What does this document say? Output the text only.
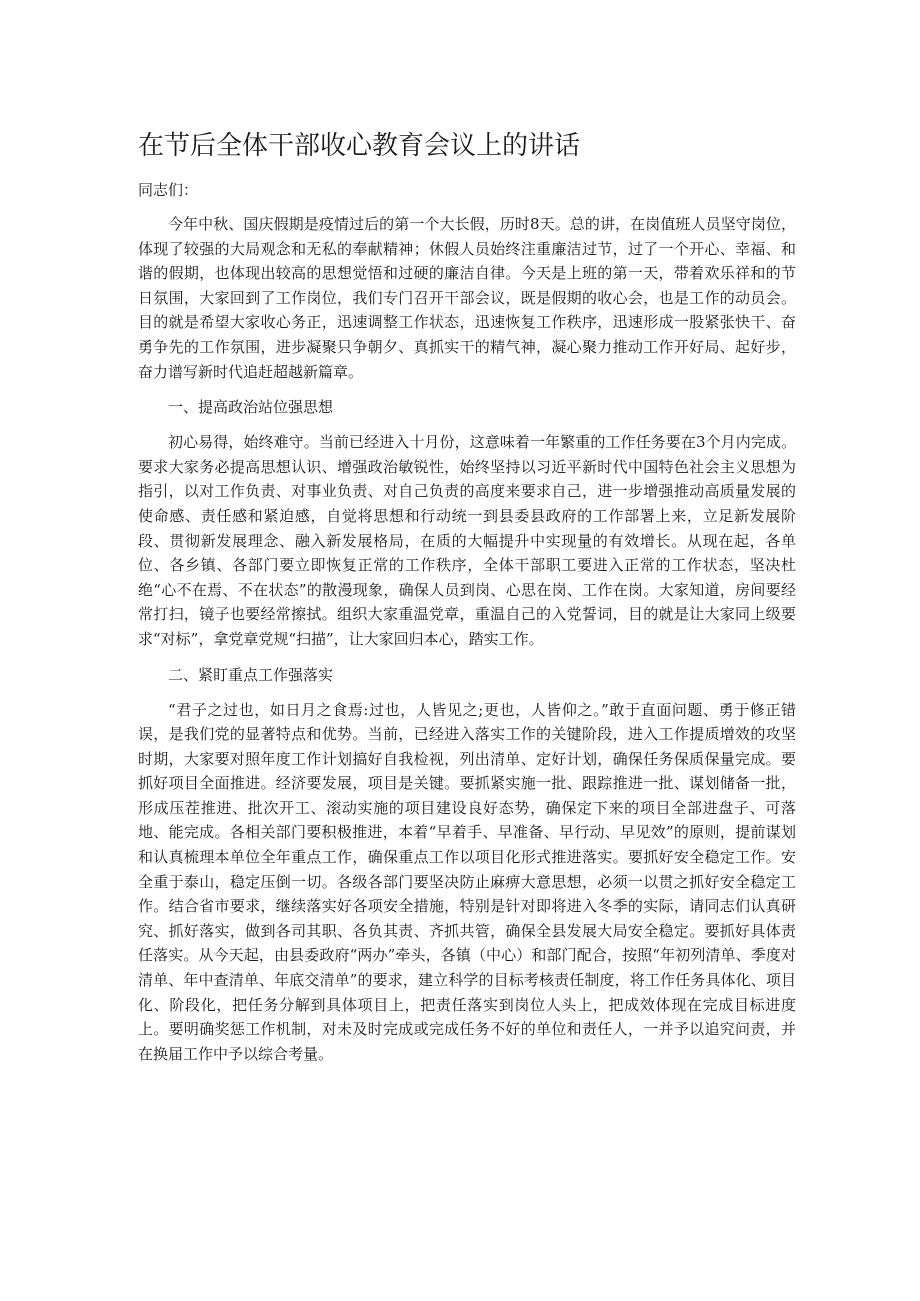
在节后全体干部收心教育会议上的讲话

同志们：

今年中秋、国庆假期是疫情过后的第一个大长假，历时8天。总的讲，在岗值班人员坚守岗位，体现了较强的大局观念和无私的奉献精神；休假人员始终注重廉洁过节，过了一个开心、幸福、和谐的假期，也体现出较高的思想觉悟和过硬的廉洁自律。今天是上班的第一天，带着欢乐祥和的节日氛围，大家回到了工作岗位，我们专门召开干部会议，既是假期的收心会，也是工作的动员会。目的就是希望大家收心务正，迅速调整工作状态，迅速恢复工作秩序，迅速形成一股紧张快干、奋勇争先的工作氛围，进步凝聚只争朝夕、真抓实干的精气神，凝心聚力推动工作开好局、起好步，奋力谱写新时代追赶超越新篇章。

一、提高政治站位强思想

初心易得，始终难守。当前已经进入十月份，这意味着一年繁重的工作任务要在3个月内完成。要求大家务必提高思想认识、增强政治敏锐性，始终坚持以习近平新时代中国特色社会主义思想为指引，以对工作负责、对事业负责、对自己负责的高度来要求自己，进一步增强推动高质量发展的使命感、责任感和紧迫感，自觉将思想和行动统一到县委县政府的工作部署上来，立足新发展阶段、贯彻新发展理念、融入新发展格局，在质的大幅提升中实现量的有效增长。从现在起，各单位、各乡镇、各部门要立即恢复正常的工作秩序，全体干部职工要进入正常的工作状态，坚决杜绝“心不在焉、不在状态”的散漫现象，确保人员到岗、心思在岗、工作在岗。大家知道，房间要经常打扫，镜子也要经常擦拭。组织大家重温党章，重温自己的入党誓词，目的就是让大家同上级要求“对标”，拿党章党规“扫描”，让大家回归本心，踏实工作。

二、紧盯重点工作强落实

“君子之过也，如日月之食焉:过也，人皆见之;更也，人皆仰之。”敢于直面问题、勇于修正错误，是我们党的显著特点和优势。当前，已经进入落实工作的关键阶段，进入工作提质增效的攻坚时期，大家要对照年度工作计划搞好自我检视，列出清单、定好计划，确保任务保质保量完成。要抓好项目全面推进。经济要发展，项目是关键。要抓紧实施一批、跟踪推进一批、谋划储备一批，形成压茬推进、批次开工、滚动实施的项目建设良好态势，确保定下来的项目全部进盘子、可落地、能完成。各相关部门要积极推进，本着“早着手、早准备、早行动、早见效”的原则，提前谋划和认真梳理本单位全年重点工作，确保重点工作以项目化形式推进落实。要抓好安全稳定工作。安全重于泰山，稳定压倒一切。各级各部门要坚决防止麻痹大意思想，必须一以贯之抓好安全稳定工作。结合省市要求，继续落实好各项安全措施，特别是针对即将进入冬季的实际，请同志们认真研究、抓好落实，做到各司其职、各负其责、齐抓共管，确保全县发展大局安全稳定。要抓好具体责任落实。从今天起，由县委政府“两办”牵头，各镇（中心）和部门配合，按照“年初列清单、季度对清单、年中查清单、年底交清单”的要求，建立科学的目标考核责任制度，将工作任务具体化、项目化、阶段化，把任务分解到具体项目上，把责任落实到岗位人头上，把成效体现在完成目标进度上。要明确奖惩工作机制，对未及时完成或完成任务不好的单位和责任人，一并予以追究问责，并在换届工作中予以综合考量。
